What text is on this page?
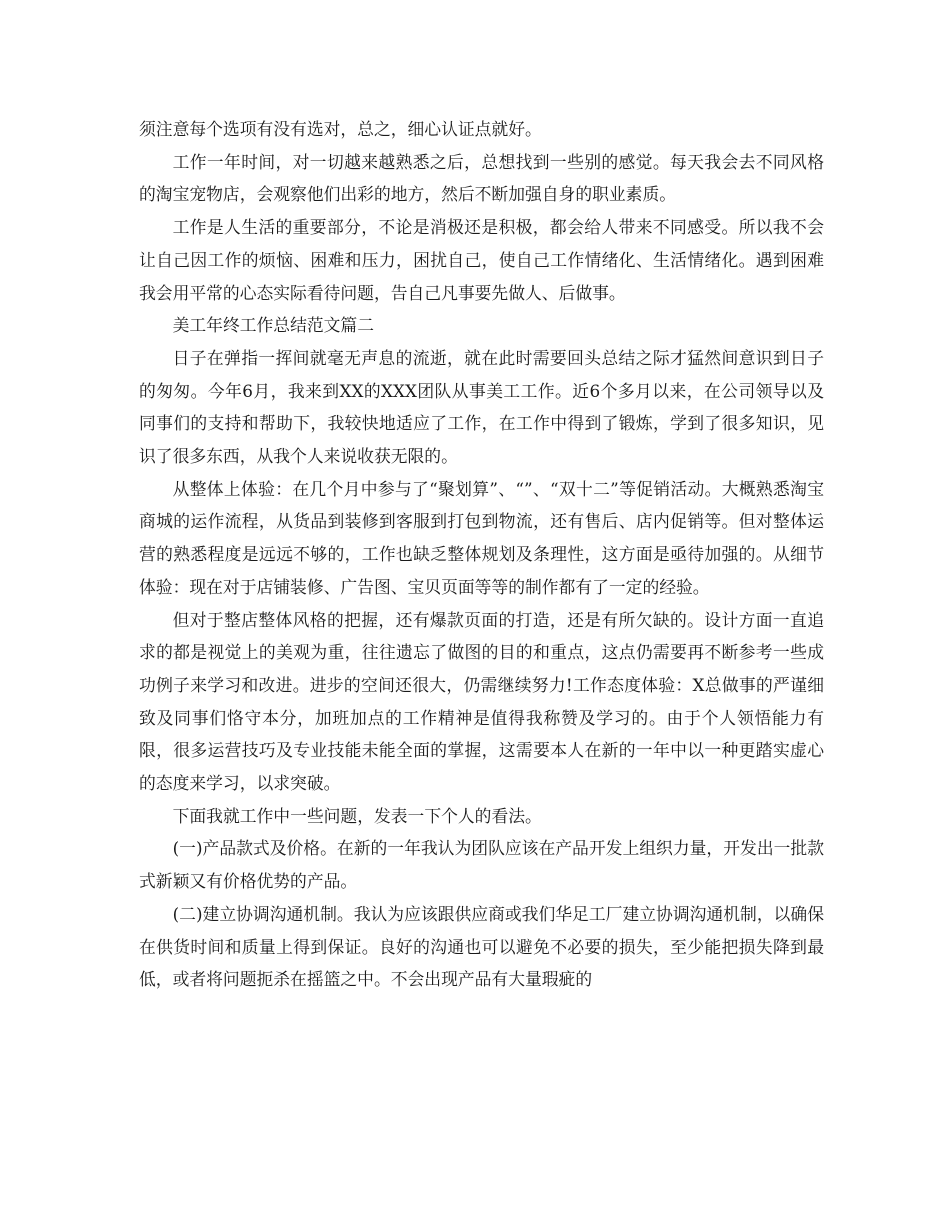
须注意每个选项有没有选对，总之，细心认证点就好。

工作一年时间，对一切越来越熟悉之后，总想找到一些别的感觉。每天我会去不同风格的淘宝宠物店，会观察他们出彩的地方，然后不断加强自身的职业素质。

工作是人生活的重要部分，不论是消极还是积极，都会给人带来不同感受。所以我不会让自己因工作的烦恼、困难和压力，困扰自己，使自己工作情绪化、生活情绪化。遇到困难我会用平常的心态实际看待问题，告自己凡事要先做人、后做事。

美工年终工作总结范文篇二

日子在弹指一挥间就毫无声息的流逝，就在此时需要回头总结之际才猛然间意识到日子的匆匆。今年6月，我来到XX的XXX团队从事美工工作。近6个多月以来，在公司领导以及同事们的支持和帮助下，我较快地适应了工作，在工作中得到了锻炼，学到了很多知识，见识了很多东西，从我个人来说收获无限的。

从整体上体验：在几个月中参与了“聚划算”、“”、“双十二”等促销活动。大概熟悉淘宝商城的运作流程，从货品到装修到客服到打包到物流，还有售后、店内促销等。但对整体运营的熟悉程度是远远不够的，工作也缺乏整体规划及条理性，这方面是亟待加强的。从细节体验：现在对于店铺装修、广告图、宝贝页面等等的制作都有了一定的经验。

但对于整店整体风格的把握，还有爆款页面的打造，还是有所欠缺的。设计方面一直追求的都是视觉上的美观为重，往往遗忘了做图的目的和重点，这点仍需要再不断参考一些成功例子来学习和改进。进步的空间还很大，仍需继续努力!工作态度体验：X总做事的严谨细致及同事们恪守本分，加班加点的工作精神是值得我称赞及学习的。由于个人领悟能力有限，很多运营技巧及专业技能未能全面的掌握，这需要本人在新的一年中以一种更踏实虚心的态度来学习，以求突破。

下面我就工作中一些问题，发表一下个人的看法。

(一)产品款式及价格。在新的一年我认为团队应该在产品开发上组织力量，开发出一批款式新颖又有价格优势的产品。

(二)建立协调沟通机制。我认为应该跟供应商或我们华足工厂建立协调沟通机制，以确保在供货时间和质量上得到保证。良好的沟通也可以避免不必要的损失，至少能把损失降到最低，或者将问题扼杀在摇篮之中。不会出现产品有大量瑕疵的
